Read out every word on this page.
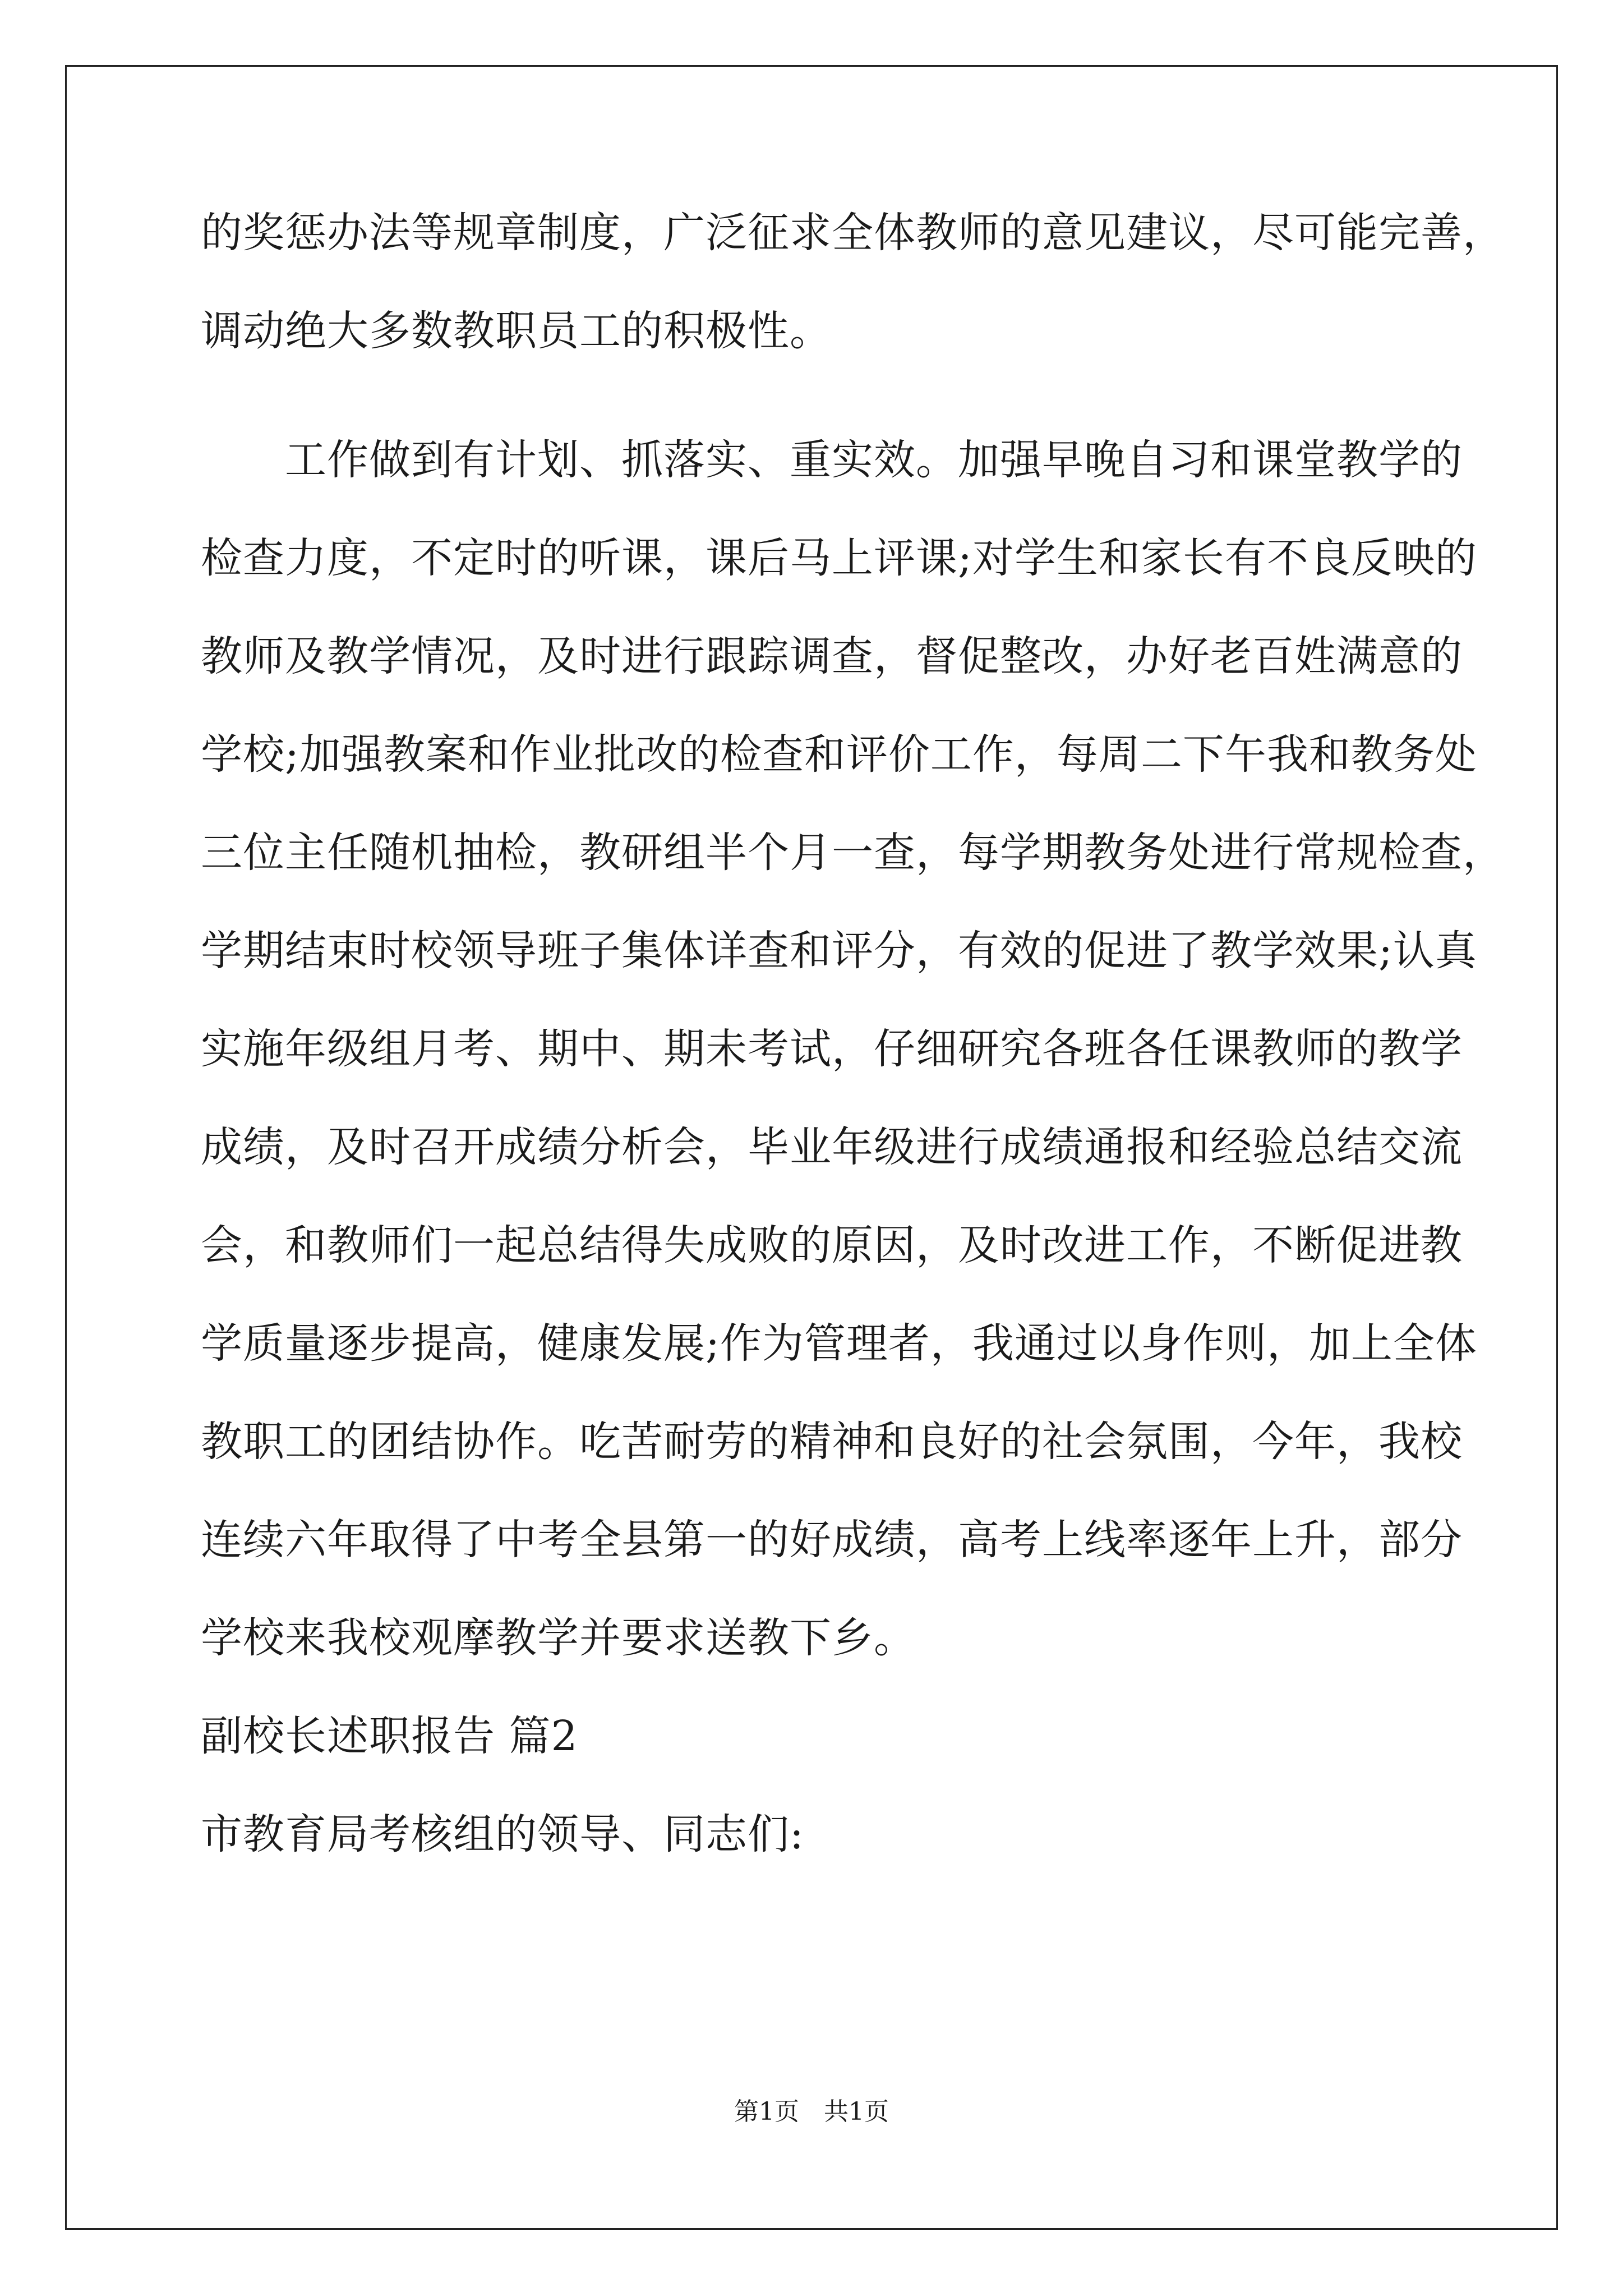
的奖惩办法等规章制度，广泛征求全体教师的意见建议，尽可能完善，
调动绝大多数教职员工的积极性。
　　工作做到有计划、抓落实、重实效。加强早晚自习和课堂教学的
检查力度，不定时的听课，课后马上评课;对学生和家长有不良反映的
教师及教学情况，及时进行跟踪调查，督促整改，办好老百姓满意的
学校;加强教案和作业批改的检查和评价工作，每周二下午我和教务处
三位主任随机抽检，教研组半个月一查，每学期教务处进行常规检查，
学期结束时校领导班子集体详查和评分，有效的促进了教学效果;认真
实施年级组月考、期中、期未考试，仔细研究各班各任课教师的教学
成绩，及时召开成绩分析会，毕业年级进行成绩通报和经验总结交流
会，和教师们一起总结得失成败的原因，及时改进工作，不断促进教
学质量逐步提高，健康发展;作为管理者，我通过以身作则，加上全体
教职工的团结协作。吃苦耐劳的精神和良好的社会氛围，今年，我校
连续六年取得了中考全县第一的好成绩，高考上线率逐年上升，部分
学校来我校观摩教学并要求送教下乡。
副校长述职报告 篇2
市教育局考核组的领导、同志们:
第1页　共1页
